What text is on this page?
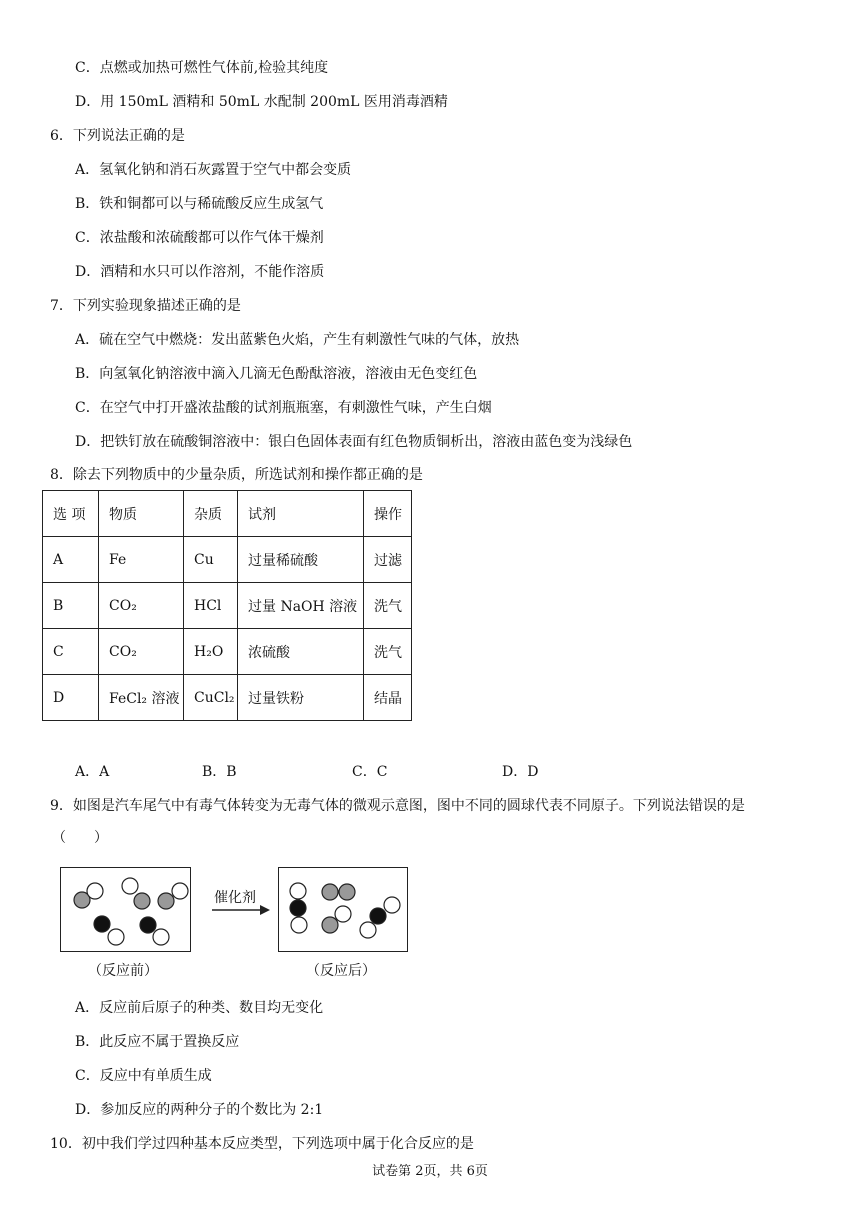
C．点燃或加热可燃性气体前,检验其纯度
D．用 150mL 酒精和 50mL 水配制 200mL 医用消毒酒精
6．下列说法正确的是
A．氢氧化钠和消石灰露置于空气中都会变质
B．铁和铜都可以与稀硫酸反应生成氢气
C．浓盐酸和浓硫酸都可以作气体干燥剂
D．酒精和水只可以作溶剂，不能作溶质
7．下列实验现象描述正确的是
A．硫在空气中燃烧：发出蓝紫色火焰，产生有刺激性气味的气体，放热
B．向氢氧化钠溶液中滴入几滴无色酚酞溶液，溶液由无色变红色
C．在空气中打开盛浓盐酸的试剂瓶瓶塞，有刺激性气味，产生白烟
D．把铁钉放在硫酸铜溶液中：银白色固体表面有红色物质铜析出，溶液由蓝色变为浅绿色
8．除去下列物质中的少量杂质，所选试剂和操作都正确的是
选 项	物质	杂质	试剂	操作
A	Fe	Cu	过量稀硫酸	过滤
B	CO₂	HCl	过量 NaOH 溶液	洗气
C	CO₂	H₂O	浓硫酸	洗气
D	FeCl₂ 溶液	CuCl₂	过量铁粉	结晶
A．A	B．B	C．C	D．D
9．如图是汽车尾气中有毒气体转变为无毒气体的微观示意图，图中不同的圆球代表不同原子。下列说法错误的是
（　　）
催化剂
（反应前）	（反应后）
A．反应前后原子的种类、数目均无变化
B．此反应不属于置换反应
C．反应中有单质生成
D．参加反应的两种分子的个数比为 2:1
10．初中我们学过四种基本反应类型，下列选项中属于化合反应的是
试卷第 2页，共 6页
